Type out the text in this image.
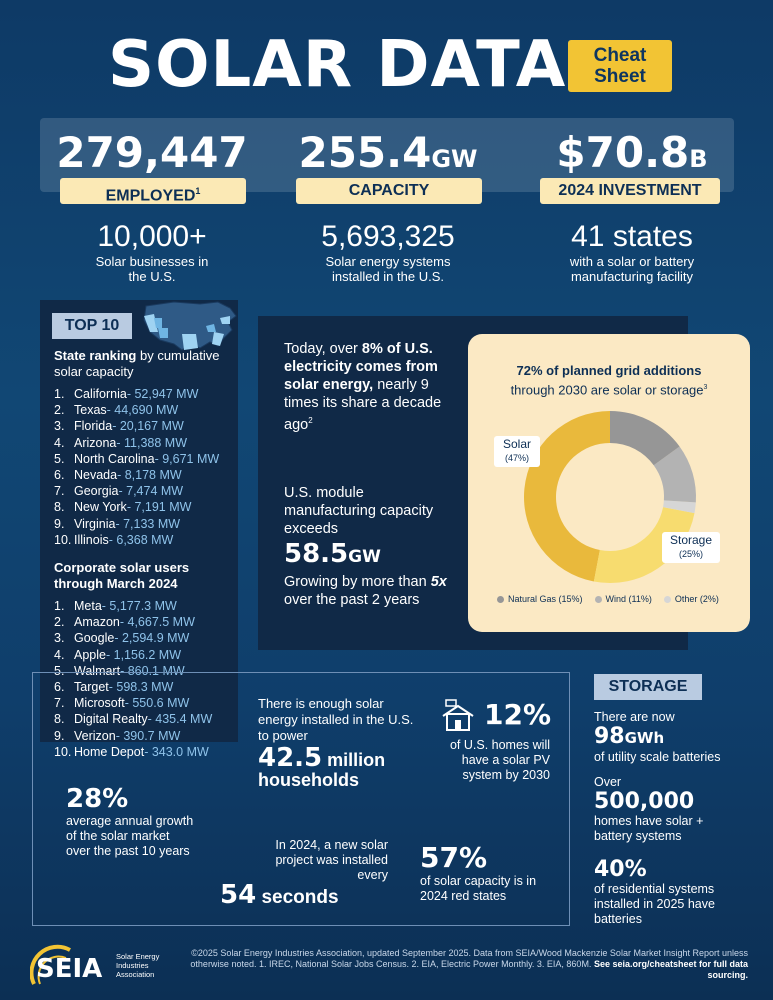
SOLAR DATA	Cheat
Sheet
279,447
EMPLOYED$^1$
10,000+
Solar businesses in the U.S.
255.4GW
CAPACITY
5,693,325
Solar energy systems installed in the U.S.
$70.8B
2024 INVESTMENT
41 states
with a solar or battery manufacturing facility
TOP 10
State ranking by cumulative solar capacity
1. California - 52,947 MW
2. Texas - 44,690 MW
3. Florida - 20,167 MW
4. Arizona - 11,388 MW
5. North Carolina - 9,671 MW
6. Nevada - 8,178 MW
7. Georgia - 7,474 MW
8. New York - 7,191 MW
9. Virginia - 7,133 MW
10. Illinois - 6,368 MW
Corporate solar users
through March 2024
1. Meta - 5,177.3 MW
2. Amazon - 4,667.5 MW
3. Google - 2,594.9 MW
4. Apple - 1,156.2 MW
5. Walmart - 860.1 MW
6. Target - 598.3 MW
7. Microsoft - 550.6 MW
8. Digital Realty - 435.4 MW
9. Verizon - 390.7 MW
10. Home Depot - 343.0 MW
Today, over 8% of U.S. electricity comes from solar energy, nearly 9 times its share a decade ago$^2$
U.S. module manufacturing capacity exceeds
58.5GW
Growing by more than 5x over the past 2 years
72% of planned grid additions
through 2030 are solar or storage$^3$
Solar
(47%)
Storage
(25%)
Natural Gas (15%)	Wind (11%)	Other (2%)
There is enough solar energy installed in the U.S. to power
42.5 million households
12%
of U.S. homes will have a solar PV system by 2030
28%
average annual growth of the solar market over the past 10 years	In 2024, a new solar project was installed every
54 seconds
57%
of solar capacity is in 2024 red states
STORAGE
There are now
98GWh
of utility scale batteries
Over
500,000
homes have solar + battery systems
40%
of residential systems installed in 2025 have batteries
SEIA Solar Energy Industries Association
©2025 Solar Energy Industries Association, updated September 2025. Data from SEIA/Wood Mackenzie Solar Market Insight Report unless otherwise noted. 1. IREC, National Solar Jobs Census. 2. EIA, Electric Power Monthly. 3. EIA, 860M. See seia.org/cheatsheet for full data sourcing.
